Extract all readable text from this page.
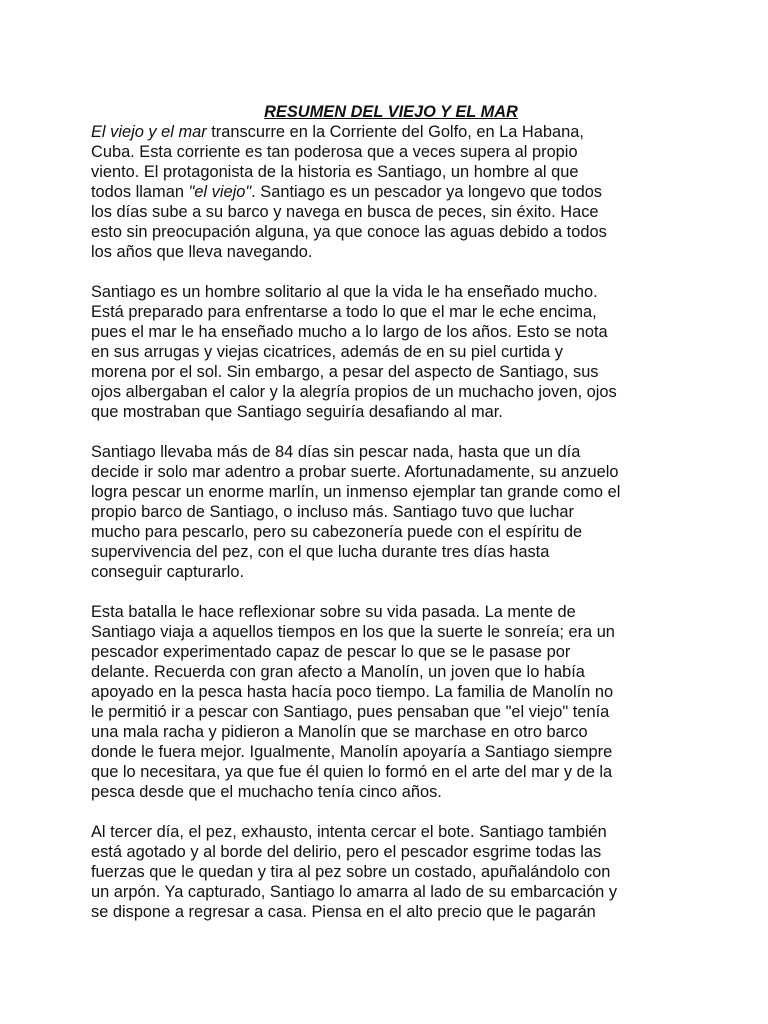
RESUMEN DEL VIEJO Y EL MAR
El viejo y el mar transcurre en la Corriente del Golfo, en La Habana,
Cuba. Esta corriente es tan poderosa que a veces supera al propio
viento. El protagonista de la historia es Santiago, un hombre al que
todos llaman "el viejo". Santiago es un pescador ya longevo que todos
los días sube a su barco y navega en busca de peces, sin éxito. Hace
esto sin preocupación alguna, ya que conoce las aguas debido a todos
los años que lleva navegando.
Santiago es un hombre solitario al que la vida le ha enseñado mucho.
Está preparado para enfrentarse a todo lo que el mar le eche encima,
pues el mar le ha enseñado mucho a lo largo de los años. Esto se nota
en sus arrugas y viejas cicatrices, además de en su piel curtida y
morena por el sol. Sin embargo, a pesar del aspecto de Santiago, sus
ojos albergaban el calor y la alegría propios de un muchacho joven, ojos
que mostraban que Santiago seguiría desafiando al mar.
Santiago llevaba más de 84 días sin pescar nada, hasta que un día
decide ir solo mar adentro a probar suerte. Afortunadamente, su anzuelo
logra pescar un enorme marlín, un inmenso ejemplar tan grande como el
propio barco de Santiago, o incluso más. Santiago tuvo que luchar
mucho para pescarlo, pero su cabezonería puede con el espíritu de
supervivencia del pez, con el que lucha durante tres días hasta
conseguir capturarlo.
Esta batalla le hace reflexionar sobre su vida pasada. La mente de
Santiago viaja a aquellos tiempos en los que la suerte le sonreía; era un
pescador experimentado capaz de pescar lo que se le pasase por
delante. Recuerda con gran afecto a Manolín, un joven que lo había
apoyado en la pesca hasta hacía poco tiempo. La familia de Manolín no
le permitió ir a pescar con Santiago, pues pensaban que "el viejo" tenía
una mala racha y pidieron a Manolín que se marchase en otro barco
donde le fuera mejor. Igualmente, Manolín apoyaría a Santiago siempre
que lo necesitara, ya que fue él quien lo formó en el arte del mar y de la
pesca desde que el muchacho tenía cinco años.
Al tercer día, el pez, exhausto, intenta cercar el bote. Santiago también
está agotado y al borde del delirio, pero el pescador esgrime todas las
fuerzas que le quedan y tira al pez sobre un costado, apuñalándolo con
un arpón. Ya capturado, Santiago lo amarra al lado de su embarcación y
se dispone a regresar a casa. Piensa en el alto precio que le pagarán
